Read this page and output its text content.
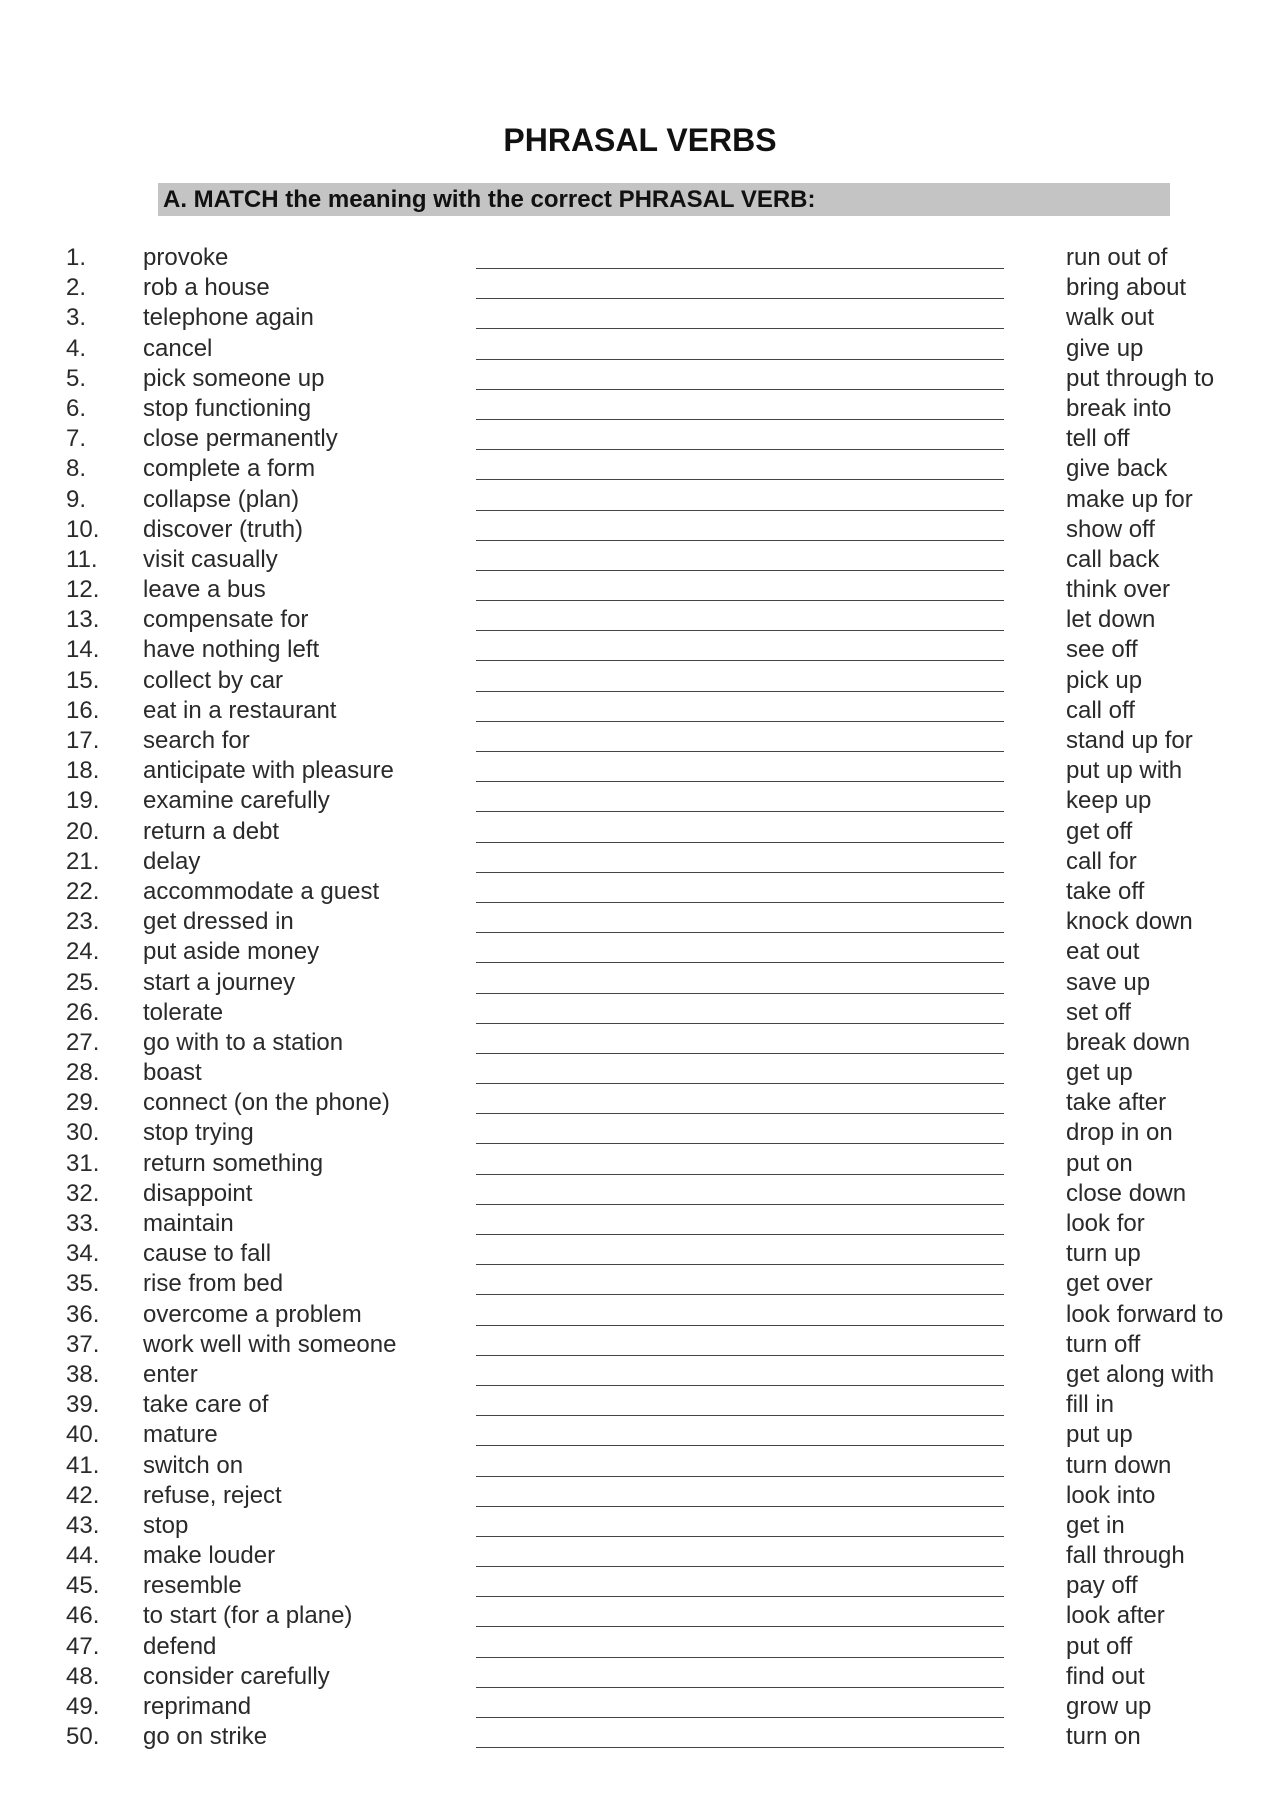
PHRASAL VERBS
A. MATCH the meaning with the correct PHRASAL VERB:
1. provoke	run out of
2. rob a house	bring about
3. telephone again	walk out
4. cancel	give up
5. pick someone up	put through to
6. stop functioning	break into
7. close permanently	tell off
8. complete a form	give back
9. collapse (plan)	make up for
10. discover (truth)	show off
11. visit casually	call back
12. leave a bus	think over
13. compensate for	let down
14. have nothing left	see off
15. collect by car	pick up
16. eat in a restaurant	call off
17. search for	stand up for
18. anticipate with pleasure	put up with
19. examine carefully	keep up
20. return a debt	get off
21. delay	call for
22. accommodate a guest	take off
23. get dressed in	knock down
24. put aside money	eat out
25. start a journey	save up
26. tolerate	set off
27. go with to a station	break down
28. boast	get up
29. connect (on the phone)	take after
30. stop trying	drop in on
31. return something	put on
32. disappoint	close down
33. maintain	look for
34. cause to fall	turn up
35. rise from bed	get over
36. overcome a problem	look forward to
37. work well with someone	turn off
38. enter	get along with
39. take care of	fill in
40. mature	put up
41. switch on	turn down
42. refuse, reject	look into
43. stop	get in
44. make louder	fall through
45. resemble	pay off
46. to start (for a plane)	look after
47. defend	put off
48. consider carefully	find out
49. reprimand	grow up
50. go on strike	turn on
